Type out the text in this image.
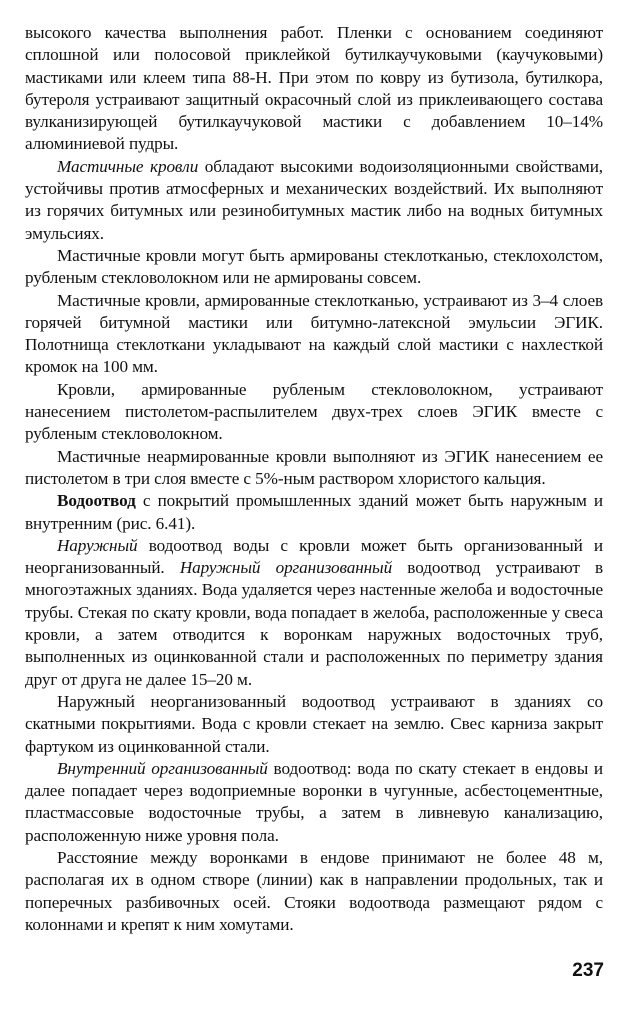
высокого качества выполнения работ. Пленки с основанием соединяют сплошной или полосовой приклейкой бутилкаучуковыми (каучуковыми) мастиками или клеем типа 88-Н. При этом по ковру из бутизола, бутилкора, бутероля устраивают защитный окрасочный слой из приклеивающего состава вулканизирующей бутилкаучуковой мастики с добавлением 10–14% алюминиевой пудры.

Мастичные кровли обладают высокими водоизоляционными свойствами, устойчивы против атмосферных и механических воздействий. Их выполняют из горячих битумных или резинобитумных мастик либо на водных битумных эмульсиях.

Мастичные кровли могут быть армированы стеклотканью, стеклохолстом, рубленым стекловолокном или не армированы совсем.

Мастичные кровли, армированные стеклотканью, устраивают из 3–4 слоев горячей битумной мастики или битумно-латексной эмульсии ЭГИК. Полотнища стеклоткани укладывают на каждый слой мастики с нахлесткой кромок на 100 мм.

Кровли, армированные рубленым стекловолокном, устраивают нанесением пистолетом-распылителем двух-трех слоев ЭГИК вместе с рубленым стекловолокном.

Мастичные неармированные кровли выполняют из ЭГИК нанесением ее пистолетом в три слоя вместе с 5%-ным раствором хлористого кальция.

Водоотвод с покрытий промышленных зданий может быть наружным и внутренним (рис. 6.41).

Наружный водоотвод воды с кровли может быть организованный и неорганизованный. Наружный организованный водоотвод устраивают в многоэтажных зданиях. Вода удаляется через настенные желоба и водосточные трубы. Стекая по скату кровли, вода попадает в желоба, расположенные у свеса кровли, а затем отводится к воронкам наружных водосточных труб, выполненных из оцинкованной стали и расположенных по периметру здания друг от друга не далее 15–20 м.

Наружный неорганизованный водоотвод устраивают в зданиях со скатными покрытиями. Вода с кровли стекает на землю. Свес карниза закрыт фартуком из оцинкованной стали.

Внутренний организованный водоотвод: вода по скату стекает в ендовы и далее попадает через водоприемные воронки в чугунные, асбестоцементные, пластмассовые водосточные трубы, а затем в ливневую канализацию, расположенную ниже уровня пола.

Расстояние между воронками в ендове принимают не более 48 м, располагая их в одном створе (линии) как в направлении продольных, так и поперечных разбивочных осей. Стояки водоотвода размещают рядом с колоннами и крепят к ним хомутами.

237
